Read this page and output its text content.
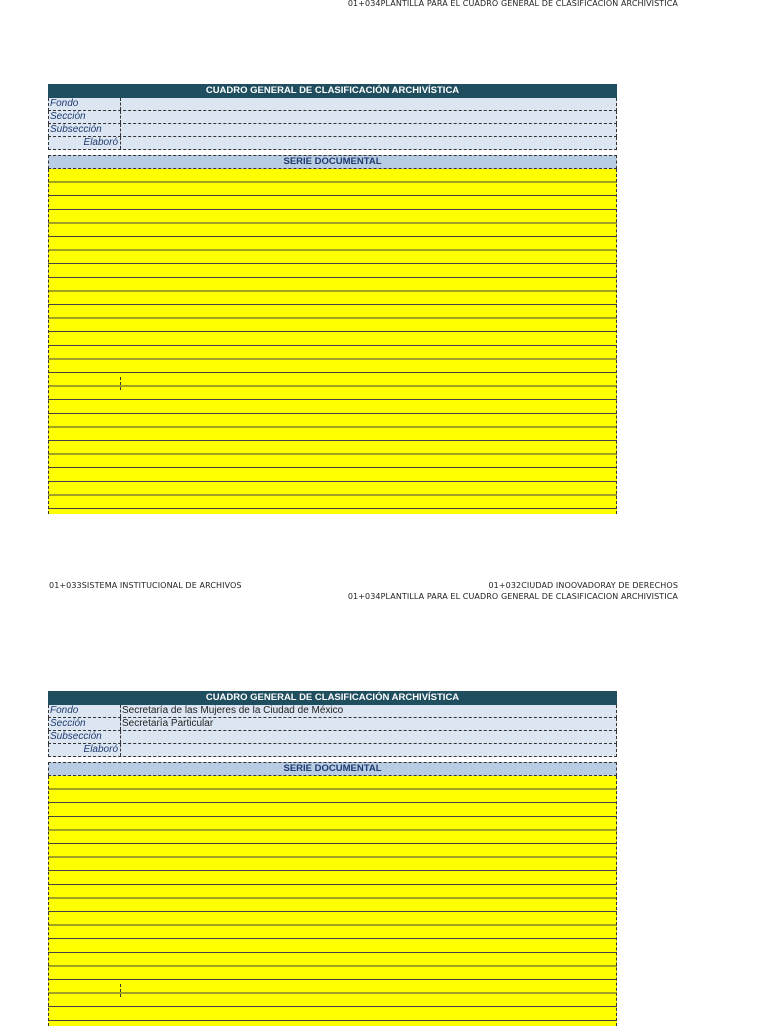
01+034PLANTILLA PARA EL CUADRO GENERAL DE CLASIFICACION ARCHIVISTICA
CUADRO GENERAL DE CLASIFICACIÓN ARCHIVÍSTICA
Fondo
Sección
Subsección
Elaboró
SERIE DOCUMENTAL
01+033SISTEMA INSTITUCIONAL DE ARCHIVOS	01+032CIUDAD INOOVADORAY DE DERECHOS
01+034PLANTILLA PARA EL CUADRO GENERAL DE CLASIFICACION ARCHIVISTICA
CUADRO GENERAL DE CLASIFICACIÓN ARCHIVÍSTICA
Fondo	Secretaría de las Mujeres de la Ciudad de México
Sección	Secretaría Particular
Subsección
Elaboró
SERIE DOCUMENTAL
